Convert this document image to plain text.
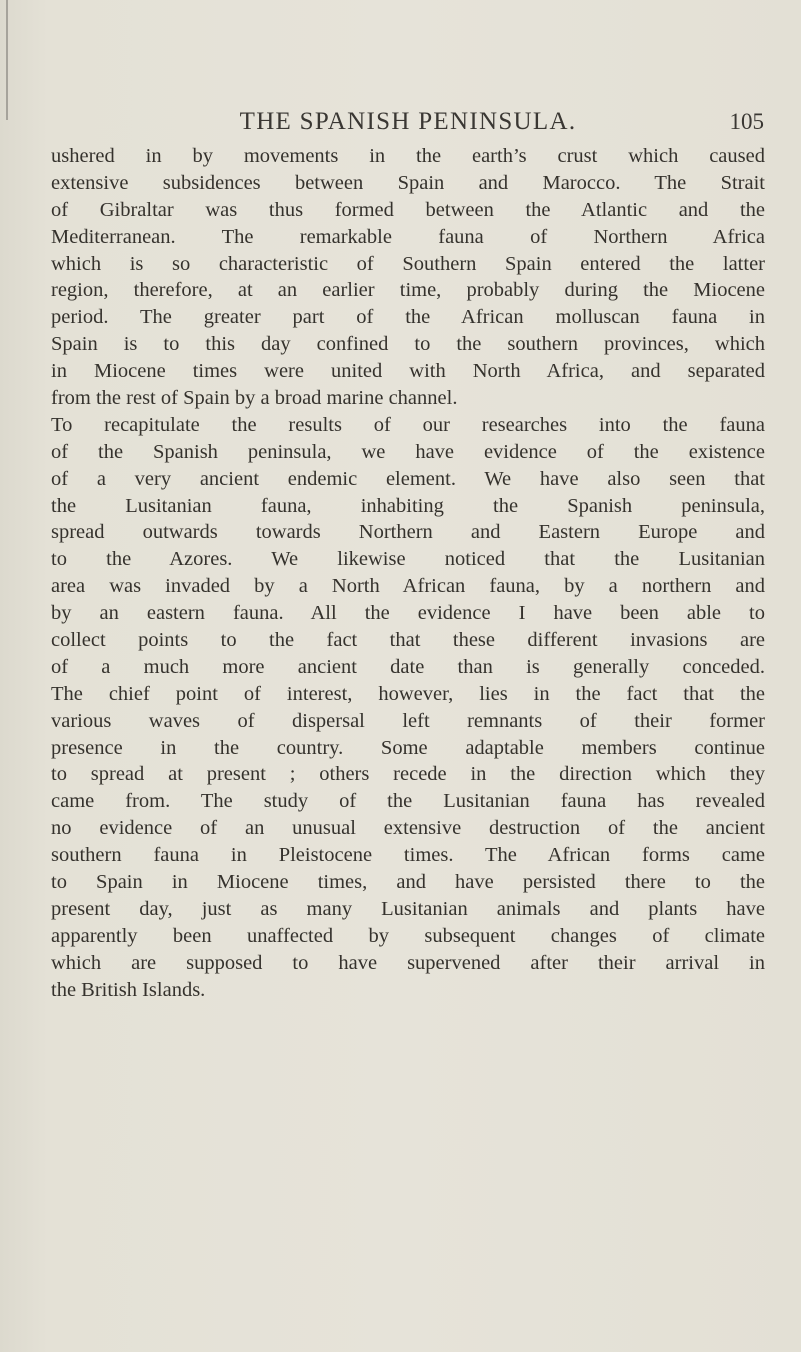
THE SPANISH PENINSULA.	105
ushered in by movements in the earth’s crust which caused
extensive subsidences between Spain and Marocco. The Strait
of Gibraltar was thus formed between the Atlantic and the
Mediterranean. The remarkable fauna of Northern Africa
which is so characteristic of Southern Spain entered the latter
region, therefore, at an earlier time, probably during the Miocene
period. The greater part of the African molluscan fauna in
Spain is to this day confined to the southern provinces, which
in Miocene times were united with North Africa, and separated
from the rest of Spain by a broad marine channel.
To recapitulate the results of our researches into the fauna
of the Spanish peninsula, we have evidence of the existence
of a very ancient endemic element. We have also seen that
the Lusitanian fauna, inhabiting the Spanish peninsula,
spread outwards towards Northern and Eastern Europe and
to the Azores. We likewise noticed that the Lusitanian
area was invaded by a North African fauna, by a northern and
by an eastern fauna. All the evidence I have been able to
collect points to the fact that these different invasions are
of a much more ancient date than is generally conceded.
The chief point of interest, however, lies in the fact that the
various waves of dispersal left remnants of their former
presence in the country. Some adaptable members continue
to spread at present ; others recede in the direction which they
came from. The study of the Lusitanian fauna has revealed
no evidence of an unusual extensive destruction of the ancient
southern fauna in Pleistocene times. The African forms came
to Spain in Miocene times, and have persisted there to the
present day, just as many Lusitanian animals and plants have
apparently been unaffected by subsequent changes of climate
which are supposed to have supervened after their arrival in
the British Islands.
